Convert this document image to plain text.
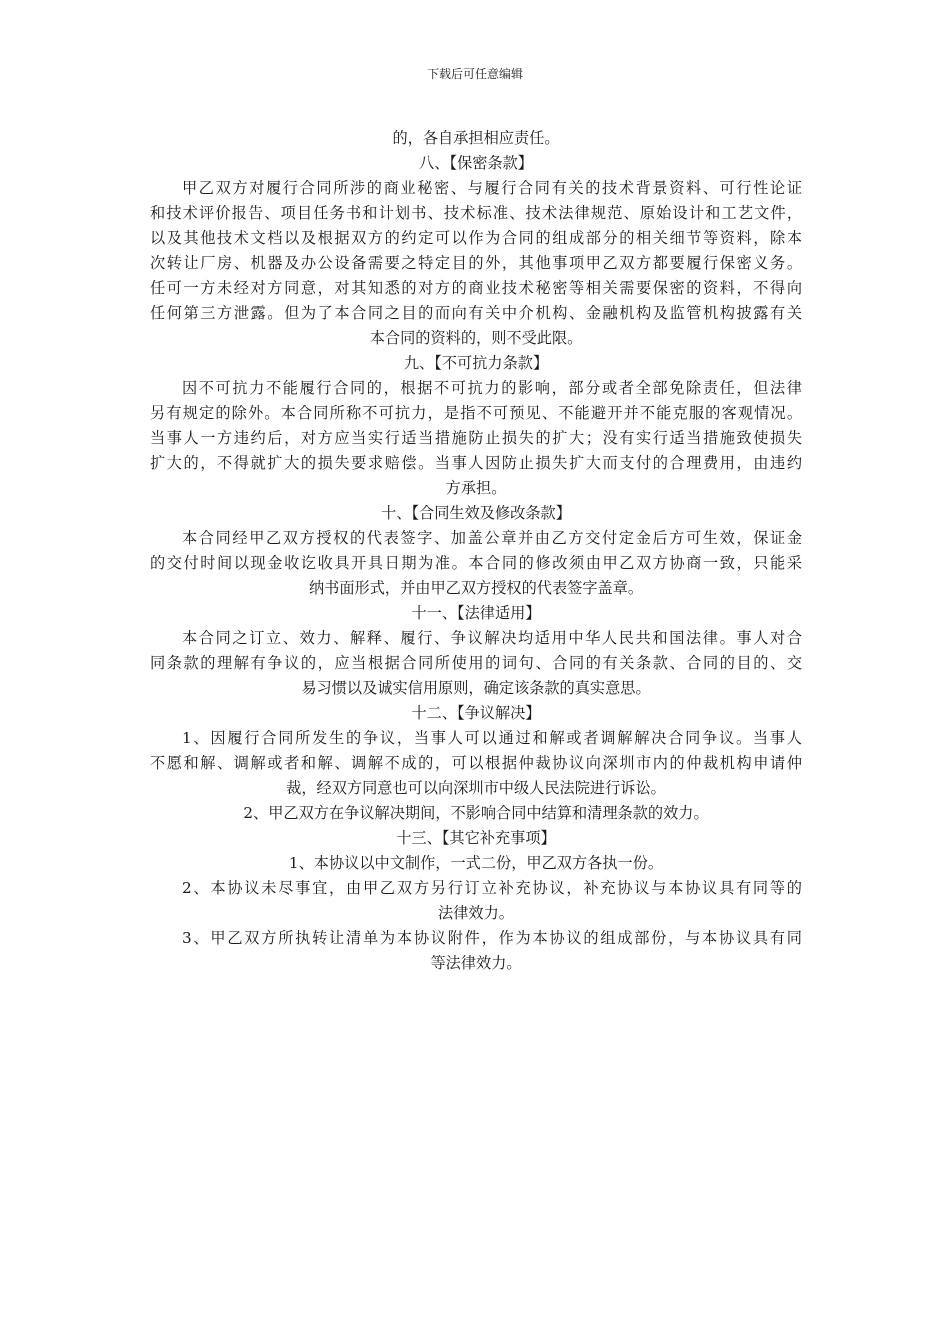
下载后可任意编辑
的，各自承担相应责任。
八、【保密条款】
甲乙双方对履行合同所涉的商业秘密、与履行合同有关的技术背景资料、可行性论证
和技术评价报告、项目任务书和计划书、技术标准、技术法律规范、原始设计和工艺文件，
以及其他技术文档以及根据双方的约定可以作为合同的组成部分的相关细节等资料，除本
次转让厂房、机器及办公设备需要之特定目的外，其他事项甲乙双方都要履行保密义务。
任可一方未经对方同意，对其知悉的对方的商业技术秘密等相关需要保密的资料，不得向
任何第三方泄露。但为了本合同之目的而向有关中介机构、金融机构及监管机构披露有关
本合同的资料的，则不受此限。
九、【不可抗力条款】
因不可抗力不能履行合同的，根据不可抗力的影响，部分或者全部免除责任，但法律
另有规定的除外。本合同所称不可抗力，是指不可预见、不能避开并不能克服的客观情况。
当事人一方违约后，对方应当实行适当措施防止损失的扩大；没有实行适当措施致使损失
扩大的，不得就扩大的损失要求赔偿。当事人因防止损失扩大而支付的合理费用，由违约
方承担。
十、【合同生效及修改条款】
本合同经甲乙双方授权的代表签字、加盖公章并由乙方交付定金后方可生效，保证金
的交付时间以现金收讫收具开具日期为准。本合同的修改须由甲乙双方协商一致，只能采
纳书面形式，并由甲乙双方授权的代表签字盖章。
十一、【法律适用】
本合同之订立、效力、解释、履行、争议解决均适用中华人民共和国法律。事人对合
同条款的理解有争议的，应当根据合同所使用的词句、合同的有关条款、合同的目的、交
易习惯以及诚实信用原则，确定该条款的真实意思。
十二、【争议解决】
1、因履行合同所发生的争议，当事人可以通过和解或者调解解决合同争议。当事人
不愿和解、调解或者和解、调解不成的，可以根据仲裁协议向深圳市内的仲裁机构申请仲
裁，经双方同意也可以向深圳市中级人民法院进行诉讼。
2、甲乙双方在争议解决期间，不影响合同中结算和清理条款的效力。
十三、【其它补充事项】
1、本协议以中文制作，一式二份，甲乙双方各执一份。
2、本协议未尽事宜，由甲乙双方另行订立补充协议，补充协议与本协议具有同等的
法律效力。
3、甲乙双方所执转让清单为本协议附件，作为本协议的组成部份，与本协议具有同
等法律效力。
